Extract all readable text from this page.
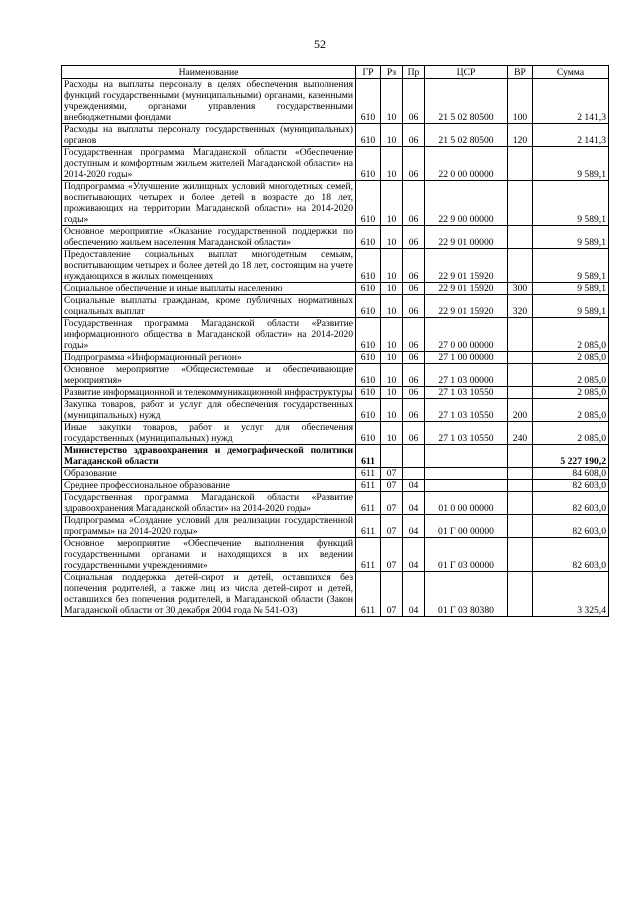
52
Наименование	ГР	Рз	Пр	ЦСР	ВР	Сумма
Расходы на выплаты персоналу в целях обеспечения выполнения функций государственными (муниципальными) органами, казенными учреждениями, органами управления государственными внебюджетными фондами	610	10	06	21 5 02 80500	100	2 141,3
Расходы на выплаты персоналу государственных (муниципальных) органов	610	10	06	21 5 02 80500	120	2 141,3
Государственная программа Магаданской области «Обеспечение доступным и комфортным жильем жителей Магаданской области» на 2014-2020 годы»	610	10	06	22 0 00 00000		9 589,1
Подпрограмма «Улучшение жилищных условий многодетных семей, воспитывающих четырех и более детей в возрасте до 18 лет, проживающих на территории Магаданской области» на 2014-2020 годы»	610	10	06	22 9 00 00000		9 589,1
Основное мероприятие «Оказание государственной поддержки по обеспечению жильем населения Магаданской области»	610	10	06	22 9 01 00000		9 589,1
Предоставление социальных выплат многодетным семьям, воспитывающим четырех и более детей до 18 лет, состоящим на учете нуждающихся в жилых помещениях	610	10	06	22 9 01 15920		9 589,1
Социальное обеспечение и иные выплаты населению	610	10	06	22 9 01 15920	300	9 589,1
Социальные выплаты гражданам, кроме публичных нормативных социальных выплат	610	10	06	22 9 01 15920	320	9 589,1
Государственная программа Магаданской области «Развитие информационного общества в Магаданской области» на 2014-2020 годы»	610	10	06	27 0 00 00000		2 085,0
Подпрограмма «Информационный регион»	610	10	06	27 1 00 00000		2 085,0
Основное мероприятие «Общесистемные и обеспечивающие мероприятия»	610	10	06	27 1 03 00000		2 085,0
Развитие информационной и телекоммуникационной инфраструктуры	610	10	06	27 1 03 10550		2 085,0
Закупка товаров, работ и услуг для обеспечения государственных (муниципальных) нужд	610	10	06	27 1 03 10550	200	2 085,0
Иные закупки товаров, работ и услуг для обеспечения государственных (муниципальных) нужд	610	10	06	27 1 03 10550	240	2 085,0
Министерство здравоохранения и демографической политики Магаданской области	611					5 227 190,2
Образование	611	07				84 608,0
Среднее профессиональное образование	611	07	04			82 603,0
Государственная программа Магаданской области «Развитие здравоохранения Магаданской области» на 2014-2020 годы»	611	07	04	01 0 00 00000		82 603,0
Подпрограмма «Создание условий для реализации государственной программы» на 2014-2020 годы»	611	07	04	01 Г 00 00000		82 603,0
Основное мероприятие «Обеспечение выполнения функций государственными органами и находящихся в их ведении государственными учреждениями»	611	07	04	01 Г 03 00000		82 603,0
Социальная поддержка детей-сирот и детей, оставшихся без попечения родителей, а также лиц из числа детей-сирот и детей, оставшихся без попечения родителей, в Магаданской области (Закон Магаданской области от 30 декабря 2004 года № 541-ОЗ)	611	07	04	01 Г 03 80380		3 325,4
